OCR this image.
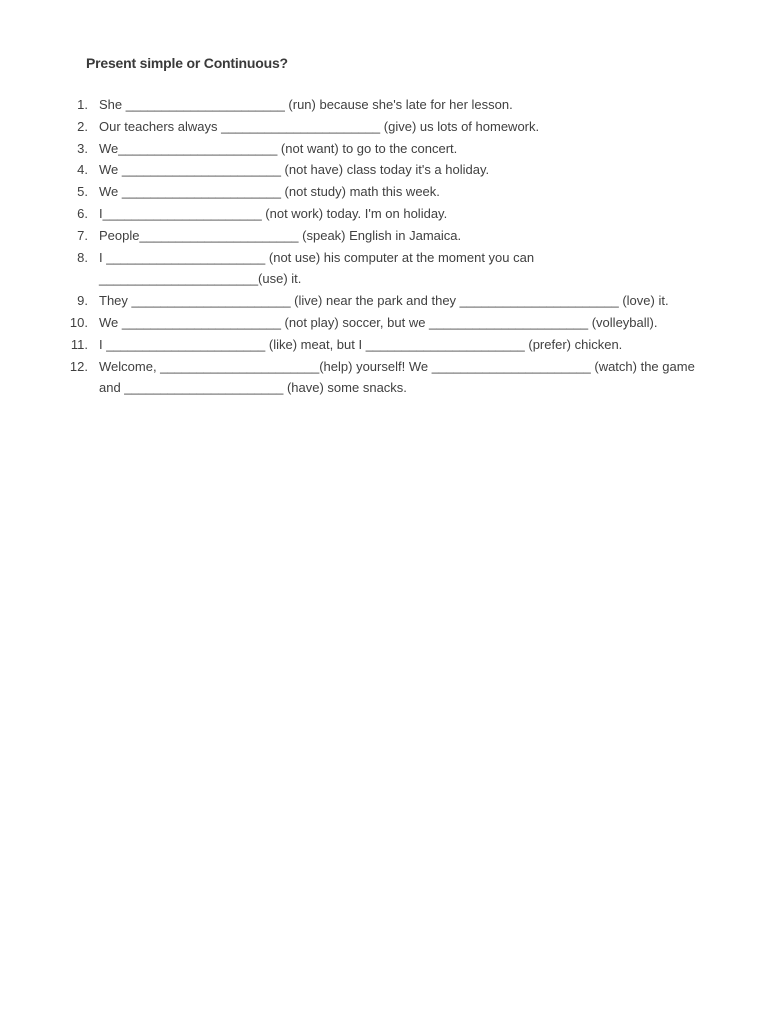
Present simple or Continuous?
1. She ______________________ (run) because she's late for her lesson.
2. Our teachers always ______________________ (give) us lots of homework.
3. We______________________ (not want) to go to the concert.
4. We ______________________ (not have) class today it's a holiday.
5. We ______________________ (not study) math this week.
6. I______________________ (not work) today. I'm on holiday.
7. People______________________ (speak) English in Jamaica.
8. I ______________________ (not use) his computer at the moment you can
______________________(use) it.
9. They ______________________ (live) near the park and they ______________________ (love) it.
10. We ______________________ (not play) soccer, but we ______________________ (volleyball).
11. I ______________________ (like) meat, but I ______________________ (prefer) chicken.
12. Welcome, ______________________(help) yourself! We ______________________ (watch) the game
and ______________________ (have) some snacks.
